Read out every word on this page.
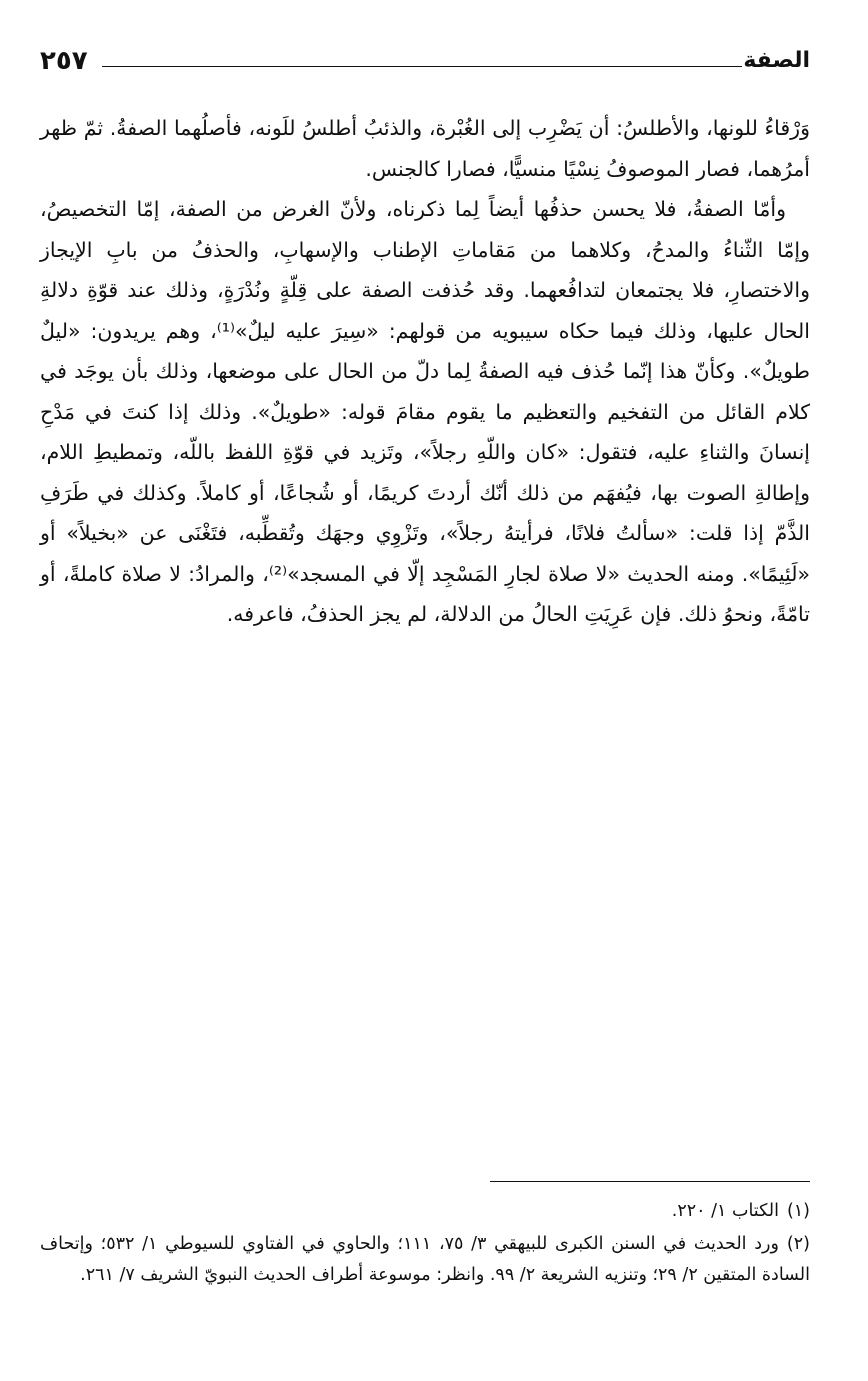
٢٥٧	الصفة

وَرْقاءُ للونها، والأطلسُ: أن يَضْرِب إلى الغُبْرة، والذئبُ أطلسُ للَونه، فأصلُهما الصفةُ. ثمّ ظهر أمرُهما، فصار الموصوفُ نِسْيًا منسيًّا، فصارا كالجنس.

وأمّا الصفةُ، فلا يحسن حذفُها أيضاً لِما ذكرناه، ولأنّ الغرض من الصفة، إمّا التخصيصُ، وإمّا الثّناءُ والمدحُ، وكلاهما من مَقاماتِ الإطناب والإسهابِ، والحذفُ من بابِ الإيجاز والاختصارِ، فلا يجتمعان لتدافُعهما. وقد حُذفت الصفة على قِلّةٍ ونُدْرَةٍ، وذلك عند قوّةِ دلالةِ الحال عليها، وذلك فيما حكاه سيبويه من قولهم: «سِيرَ عليه ليلٌ»⁽¹⁾، وهم يريدون: «ليلٌ طويلٌ». وكأنّ هذا إنّما حُذف فيه الصفةُ لِما دلّ من الحال على موضعها، وذلك بأن يوجَد في كلام القائل من التفخيم والتعظيم ما يقوم مقامَ قوله: «طويلٌ». وذلك إذا كنتَ في مَدْحِ إنسانَ والثناءِ عليه، فتقول: «كان واللّهِ رجلاً»، وتَزيد في قوّةِ اللفظ باللّه، وتمطيطِ اللام، وإطالةِ الصوت بها، فيُفهَم من ذلك أنّك أردتَ كريمًا، أو شُجاعًا، أو كاملاً. وكذلك في طَرَفِ الذَّمّ إذا قلت: «سألتُ فلانًا، فرأيتهُ رجلاً»، وتَزْوِي وجهَك وتُقطِّبه، فتَغْنَى عن «بخيلاً» أو «لَئِيمًا». ومنه الحديث «لا صلاة لجارِ المَسْجِد إلّا في المسجد»⁽²⁾، والمرادُ: لا صلاة كاملةً، أو تامّةً، ونحوُ ذلك. فإن عَرِيَتِ الحالُ من الدلالة، لم يجز الحذفُ، فاعرفه.

(١)الكتاب ١/ ٢٢٠.

(٢)ورد الحديث في السنن الكبرى للبيهقي ٣/ ٧٥، ١١١؛ والحاوي في الفتاوي للسيوطي ١/ ٥٣٢؛ وإتحاف السادة المتقين ٢/ ٢٩؛ وتنزيه الشريعة ٢/ ٩٩. وانظر: موسوعة أطراف الحديث النبويّ الشريف ٧/ ٢٦١.
